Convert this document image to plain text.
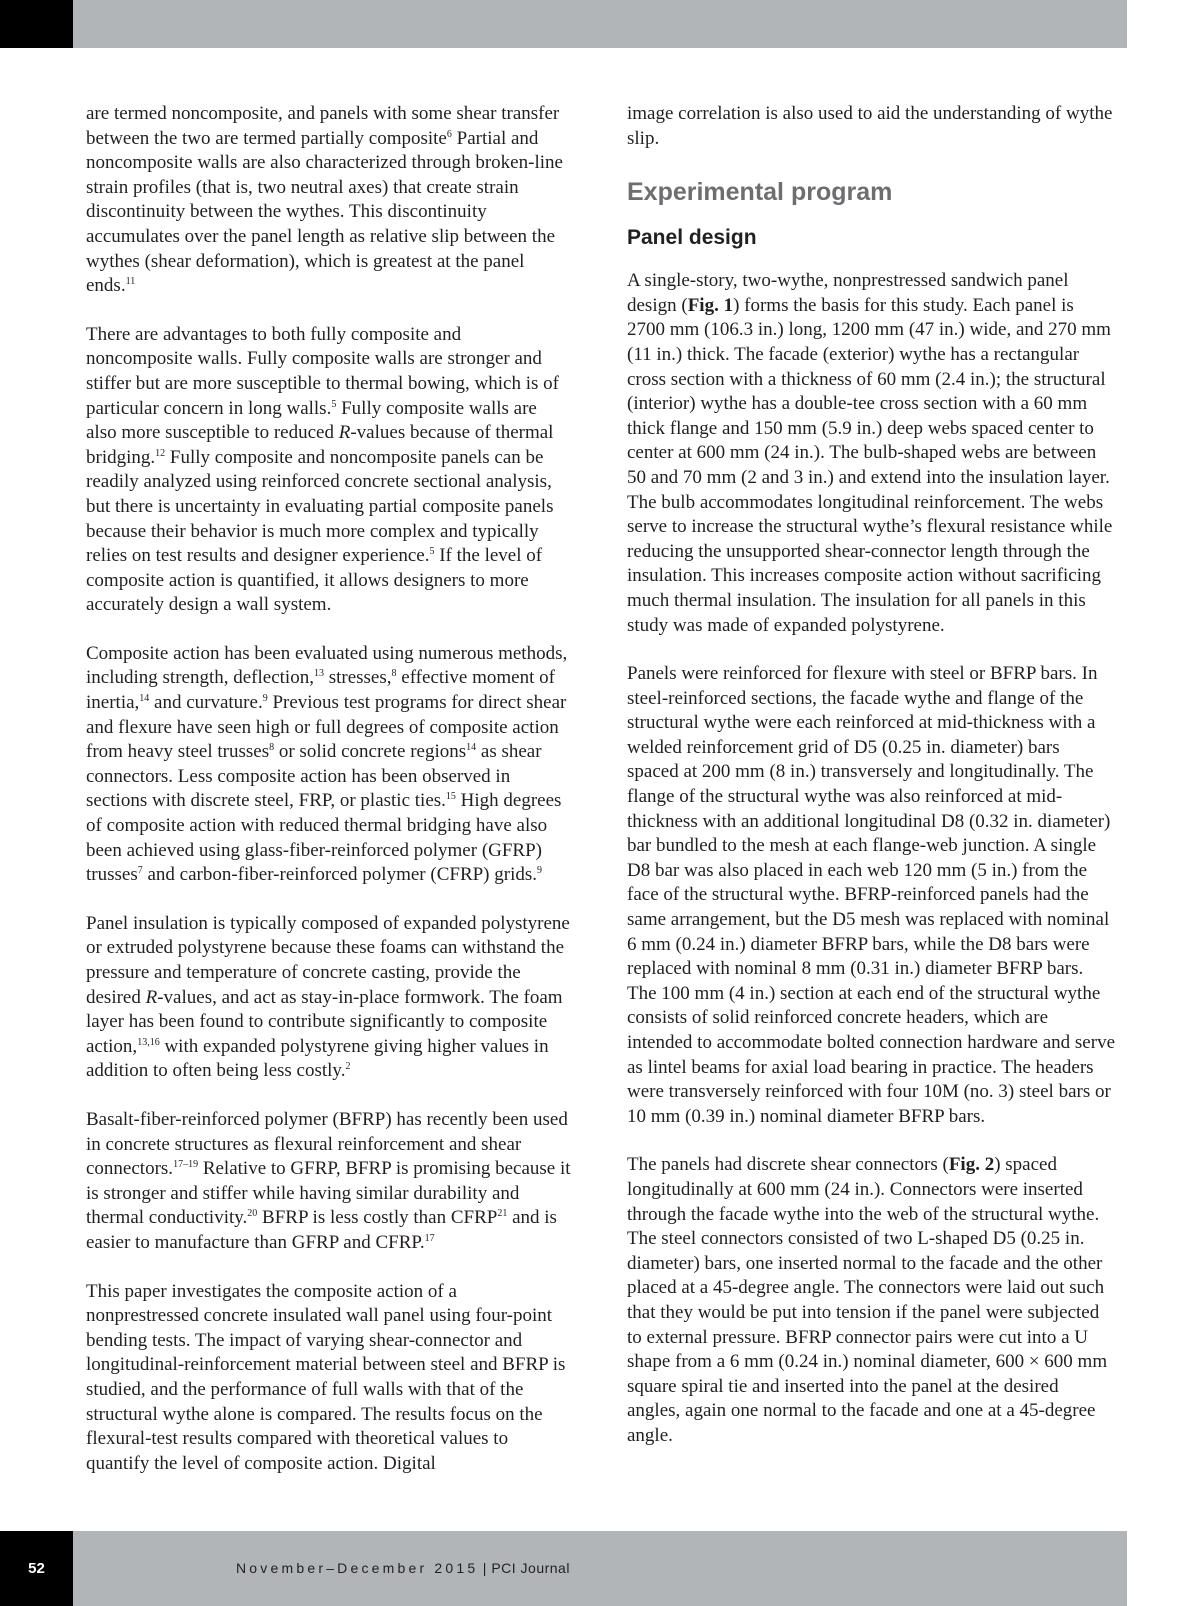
are termed noncomposite, and panels with some shear transfer between the two are termed partially composite$^6$ Partial and noncomposite walls are also characterized through broken-line strain profiles (that is, two neutral axes) that create strain discontinuity between the wythes. This discontinuity accumulates over the panel length as relative slip between the wythes (shear deformation), which is greatest at the panel ends.$^{11}$

There are advantages to both fully composite and noncomposite walls. Fully composite walls are stronger and stiffer but are more susceptible to thermal bowing, which is of particular concern in long walls.$^5$ Fully composite walls are also more susceptible to reduced R-values because of thermal bridging.$^{12}$ Fully composite and noncomposite panels can be readily analyzed using reinforced concrete sectional analysis, but there is uncertainty in evaluating partial composite panels because their behavior is much more complex and typically relies on test results and designer experience.$^5$ If the level of composite action is quantified, it allows designers to more accurately design a wall system.

Composite action has been evaluated using numerous methods, including strength, deflection,$^{13}$ stresses,$^8$ effective moment of inertia,$^{14}$ and curvature.$^9$ Previous test programs for direct shear and flexure have seen high or full degrees of composite action from heavy steel trusses$^8$ or solid concrete regions$^{14}$ as shear connectors. Less composite action has been observed in sections with discrete steel, FRP, or plastic ties.$^{15}$ High degrees of composite action with reduced thermal bridging have also been achieved using glass-fiber-reinforced polymer (GFRP) trusses$^7$ and carbon-fiber-reinforced polymer (CFRP) grids.$^9$

Panel insulation is typically composed of expanded polystyrene or extruded polystyrene because these foams can withstand the pressure and temperature of concrete casting, provide the desired R-values, and act as stay-in-place formwork. The foam layer has been found to contribute significantly to composite action,$^{13,16}$ with expanded polystyrene giving higher values in addition to often being less costly.$^2$

Basalt-fiber-reinforced polymer (BFRP) has recently been used in concrete structures as flexural reinforcement and shear connectors.$^{17-19}$ Relative to GFRP, BFRP is promising because it is stronger and stiffer while having similar durability and thermal conductivity.$^{20}$ BFRP is less costly than CFRP$^{21}$ and is easier to manufacture than GFRP and CFRP.$^{17}$

This paper investigates the composite action of a nonprestressed concrete insulated wall panel using four-point bending tests. The impact of varying shear-connector and longitudinal-reinforcement material between steel and BFRP is studied, and the performance of full walls with that of the structural wythe alone is compared. The results focus on the flexural-test results compared with theoretical values to quantify the level of composite action. Digital

image correlation is also used to aid the understanding of wythe slip.

Experimental program
Panel design

A single-story, two-wythe, nonprestressed sandwich panel design (Fig. 1) forms the basis for this study. Each panel is 2700 mm (106.3 in.) long, 1200 mm (47 in.) wide, and 270 mm (11 in.) thick. The facade (exterior) wythe has a rectangular cross section with a thickness of 60 mm (2.4 in.); the structural (interior) wythe has a double-tee cross section with a 60 mm thick flange and 150 mm (5.9 in.) deep webs spaced center to center at 600 mm (24 in.). The bulb-shaped webs are between 50 and 70 mm (2 and 3 in.) and extend into the insulation layer. The bulb accommodates longitudinal reinforcement. The webs serve to increase the structural wythe’s flexural resistance while reducing the unsupported shear-connector length through the insulation. This increases composite action without sacrificing much thermal insulation. The insulation for all panels in this study was made of expanded polystyrene.

Panels were reinforced for flexure with steel or BFRP bars. In steel-reinforced sections, the facade wythe and flange of the structural wythe were each reinforced at mid-thickness with a welded reinforcement grid of D5 (0.25 in. diameter) bars spaced at 200 mm (8 in.) transversely and longitudinally. The flange of the structural wythe was also reinforced at mid-thickness with an additional longitudinal D8 (0.32 in. diameter) bar bundled to the mesh at each flange-web junction. A single D8 bar was also placed in each web 120 mm (5 in.) from the face of the structural wythe. BFRP-reinforced panels had the same arrangement, but the D5 mesh was replaced with nominal 6 mm (0.24 in.) diameter BFRP bars, while the D8 bars were replaced with nominal 8 mm (0.31 in.) diameter BFRP bars. The 100 mm (4 in.) section at each end of the structural wythe consists of solid reinforced concrete headers, which are intended to accommodate bolted connection hardware and serve as lintel beams for axial load bearing in practice. The headers were transversely reinforced with four 10M (no. 3) steel bars or 10 mm (0.39 in.) nominal diameter BFRP bars.

The panels had discrete shear connectors (Fig. 2) spaced longitudinally at 600 mm (24 in.). Connectors were inserted through the facade wythe into the web of the structural wythe. The steel connectors consisted of two L-shaped D5 (0.25 in. diameter) bars, one inserted normal to the facade and the other placed at a 45-degree angle. The connectors were laid out such that they would be put into tension if the panel were subjected to external pressure. BFRP connector pairs were cut into a U shape from a 6 mm (0.24 in.) nominal diameter, 600 × 600 mm square spiral tie and inserted into the panel at the desired angles, again one normal to the facade and one at a 45-degree angle.

52	November–December 2015 | PCI Journal
